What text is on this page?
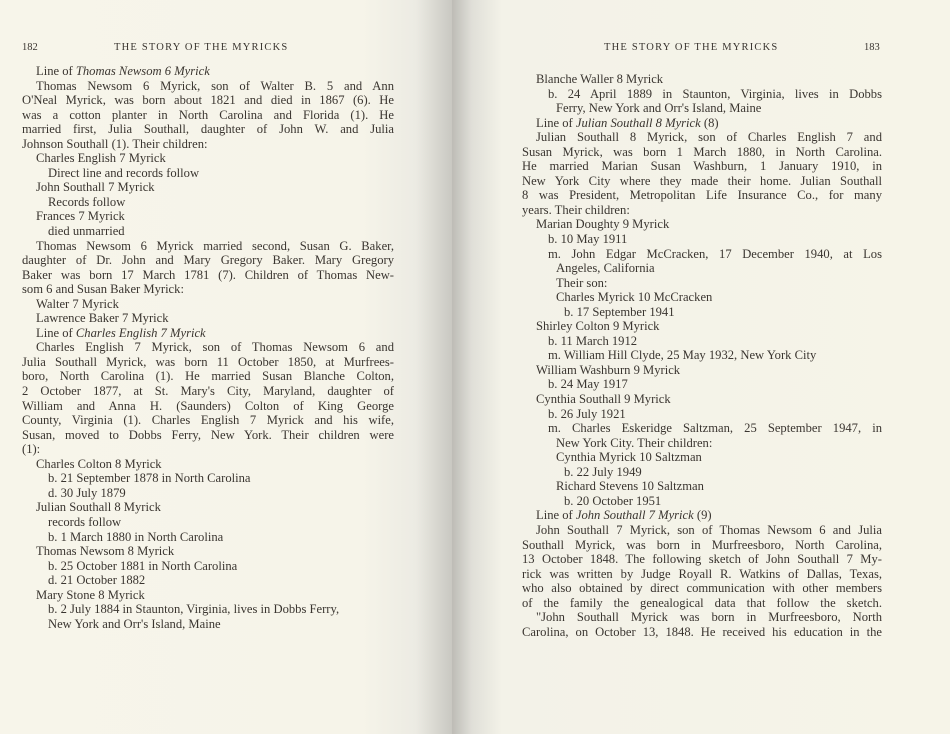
182	THE STORY OF THE MYRICKS
Line of Thomas Newsom 6 Myrick
Thomas Newsom 6 Myrick, son of Walter B. 5 and Ann
O'Neal Myrick, was born about 1821 and died in 1867 (6). He
was a cotton planter in North Carolina and Florida (1). He
married first, Julia Southall, daughter of John W. and Julia
Johnson Southall (1). Their children:
Charles English 7 Myrick
Direct line and records follow
John Southall 7 Myrick
Records follow
Frances 7 Myrick
died unmarried
Thomas Newsom 6 Myrick married second, Susan G. Baker,
daughter of Dr. John and Mary Gregory Baker. Mary Gregory
Baker was born 17 March 1781 (7). Children of Thomas New-
som 6 and Susan Baker Myrick:
Walter 7 Myrick
Lawrence Baker 7 Myrick
Line of Charles English 7 Myrick
Charles English 7 Myrick, son of Thomas Newsom 6 and
Julia Southall Myrick, was born 11 October 1850, at Murfrees-
boro, North Carolina (1). He married Susan Blanche Colton,
2 October 1877, at St. Mary's City, Maryland, daughter of
William and Anna H. (Saunders) Colton of King George
County, Virginia (1). Charles English 7 Myrick and his wife,
Susan, moved to Dobbs Ferry, New York. Their children were
(1):
Charles Colton 8 Myrick
b. 21 September 1878 in North Carolina
d. 30 July 1879
Julian Southall 8 Myrick
records follow
b. 1 March 1880 in North Carolina
Thomas Newsom 8 Myrick
b. 25 October 1881 in North Carolina
d. 21 October 1882
Mary Stone 8 Myrick
b. 2 July 1884 in Staunton, Virginia, lives in Dobbs Ferry,
New York and Orr's Island, Maine
THE STORY OF THE MYRICKS	183
Blanche Waller 8 Myrick
b. 24 April 1889 in Staunton, Virginia, lives in Dobbs
Ferry, New York and Orr's Island, Maine
Line of Julian Southall 8 Myrick (8)
Julian Southall 8 Myrick, son of Charles English 7 and
Susan Myrick, was born 1 March 1880, in North Carolina.
He married Marian Susan Washburn, 1 January 1910, in
New York City where they made their home. Julian Southall
8 was President, Metropolitan Life Insurance Co., for many
years. Their children:
Marian Doughty 9 Myrick
b. 10 May 1911
m. John Edgar McCracken, 17 December 1940, at Los
Angeles, California
Their son:
Charles Myrick 10 McCracken
b. 17 September 1941
Shirley Colton 9 Myrick
b. 11 March 1912
m. William Hill Clyde, 25 May 1932, New York City
William Washburn 9 Myrick
b. 24 May 1917
Cynthia Southall 9 Myrick
b. 26 July 1921
m. Charles Eskeridge Saltzman, 25 September 1947, in
New York City. Their children:
Cynthia Myrick 10 Saltzman
b. 22 July 1949
Richard Stevens 10 Saltzman
b. 20 October 1951
Line of John Southall 7 Myrick (9)
John Southall 7 Myrick, son of Thomas Newsom 6 and Julia
Southall Myrick, was born in Murfreesboro, North Carolina,
13 October 1848. The following sketch of John Southall 7 My-
rick was written by Judge Royall R. Watkins of Dallas, Texas,
who also obtained by direct communication with other members
of the family the genealogical data that follow the sketch.
"John Southall Myrick was born in Murfreesboro, North
Carolina, on October 13, 1848. He received his education in the
